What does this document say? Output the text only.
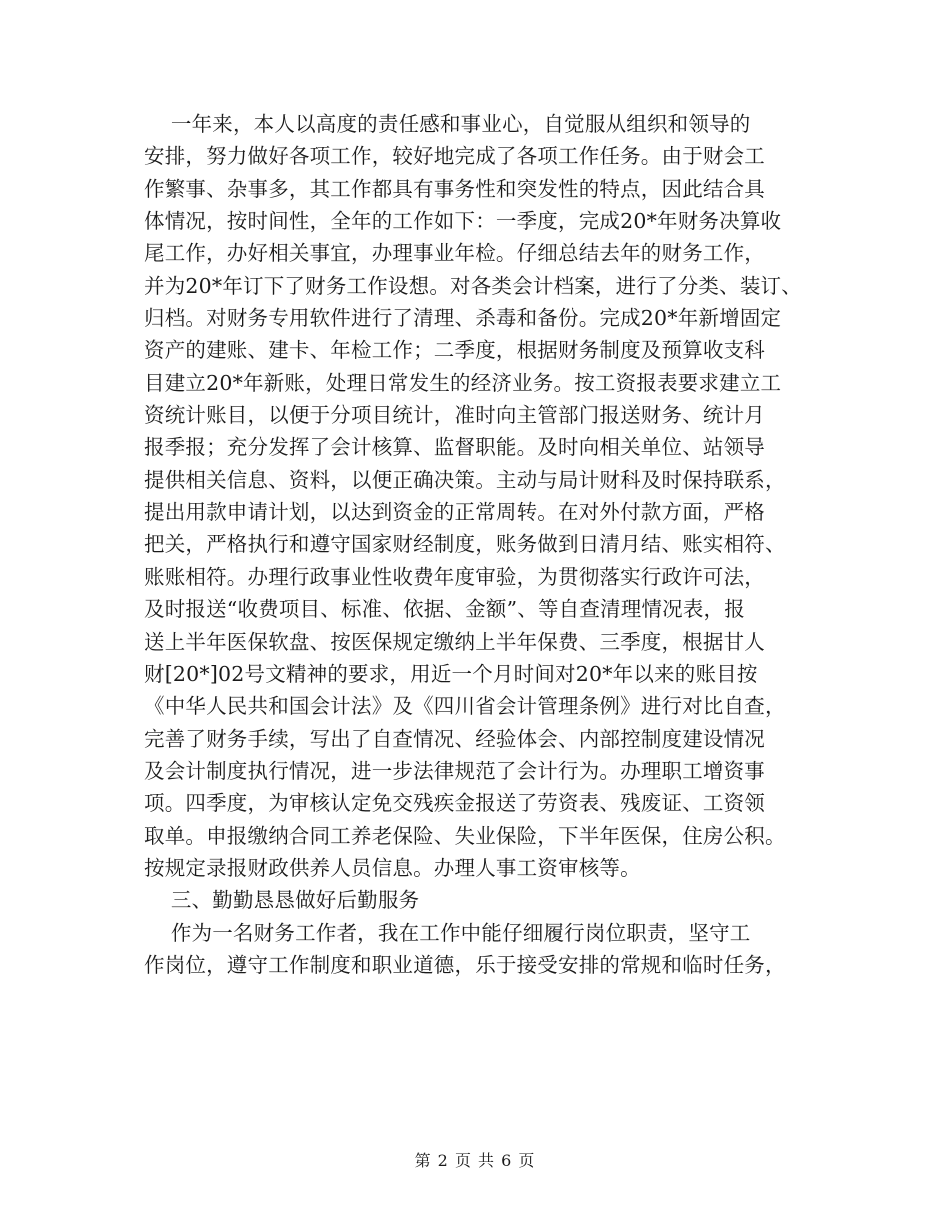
一年来，本人以高度的责任感和事业心，自觉服从组织和领导的
安排，努力做好各项工作，较好地完成了各项工作任务。由于财会工
作繁事、杂事多，其工作都具有事务性和突发性的特点，因此结合具
体情况，按时间性，全年的工作如下：一季度，完成20*年财务决算收
尾工作，办好相关事宜，办理事业年检。仔细总结去年的财务工作，
并为20*年订下了财务工作设想。对各类会计档案，进行了分类、装订、
归档。对财务专用软件进行了清理、杀毒和备份。完成20*年新增固定
资产的建账、建卡、年检工作；二季度，根据财务制度及预算收支科
目建立20*年新账，处理日常发生的经济业务。按工资报表要求建立工
资统计账目，以便于分项目统计，准时向主管部门报送财务、统计月
报季报；充分发挥了会计核算、监督职能。及时向相关单位、站领导
提供相关信息、资料，以便正确决策。主动与局计财科及时保持联系，
提出用款申请计划，以达到资金的正常周转。在对外付款方面，严格
把关，严格执行和遵守国家财经制度，账务做到日清月结、账实相符、
账账相符。办理行政事业性收费年度审验，为贯彻落实行政许可法，
及时报送“收费项目、标准、依据、金额”、等自查清理情况表，报
送上半年医保软盘、按医保规定缴纳上半年保费、三季度，根据甘人
财[20*]02号文精神的要求，用近一个月时间对20*年以来的账目按
《中华人民共和国会计法》及《四川省会计管理条例》进行对比自查，
完善了财务手续，写出了自查情况、经验体会、内部控制度建设情况
及会计制度执行情况，进一步法律规范了会计行为。办理职工增资事
项。四季度，为审核认定免交残疾金报送了劳资表、残废证、工资领
取单。申报缴纳合同工养老保险、失业保险，下半年医保，住房公积。
按规定录报财政供养人员信息。办理人事工资审核等。
三、勤勤恳恳做好后勤服务
作为一名财务工作者，我在工作中能仔细履行岗位职责，坚守工
作岗位，遵守工作制度和职业道德，乐于接受安排的常规和临时任务，
第 2 页 共 6 页
